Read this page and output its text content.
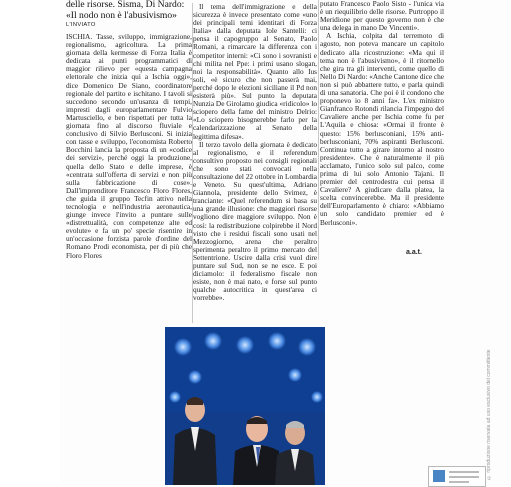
delle risorse. Sisma, Di Nardo: «Il nodo non è l'abusivismo»
L'INVIATO

ISCHIA. Tasse, sviluppo, immigrazione, regionalismo, agricoltura. La prima giornata della kermesse di Forza Italia è dedicata ai punti programmatici di maggior rilievo per «questa campagna elettorale che inizia qui a Ischia oggi», dice Domenico De Siano, coordinatore regionale del partito e ischitano. I tavoli si succedono secondo un'usanza di tempi, impresti dagli europarlamentare Fulvio Martusciello, e ben rispettati per tutta la giornata fino al discorso fluviale e conclusivo di Silvio Berlusconi. Si inizia con tasse e sviluppo, l'economista Roberto Bocchini lancia la proposta di un «codice dei servizi», perché oggi la produzione, quella dello Stato e delle imprese, è «centrata sull'offerta di servizi e non più sulla fabbricazione di cose». Dall'imprenditore Francesco Floro Flores, che guida il gruppo Tecfin attivo nella tecnologia e nell'industria aeronautica, giunge invece l'invito a puntare sulle «distrettualità, con competenze alte ed evolute» e fa un po' specie risentire in un'occasione forzista parole d'ordine del Romano Prodi economista, per di più che Floro Flores

Il tema dell'immigrazione e della sicurezza è invece presentato come «uno dei principali temi identitari di Forza Italia» dalla deputata Iole Santelli: ci pensa il capogruppo al Senato, Paolo Romani, a rimarcare la differenza con i competitor interni: «Ci sono i sovranisti e chi milita nel Ppe: i primi usano slogan, noi la responsabilità». Quanto allo Ius soli, «è sicuro che non passerà mai, perché dopo le elezioni siciliane il Pd non esisterà più». Sul punto la deputata Nunzia De Girolamo giudica «ridicolo» lo sciopero della fame del ministro Delrio: «Lo sciopero bisognerebbe farlo per la calendarizzazione al Senato della legittima difesa».

Il terzo tavolo della giornata è dedicato al regionalismo, e il referendum consultivo proposto nei consigli regionali che sono stati convocati nella consultazione del 22 ottobre in Lombardia e Veneto. Su quest'ultima, Adriano Giannola, presidente dello Svimez, è tranciante: «Quel referendum si basa su una grande illusione: che maggiori risorse vogliono dire maggiore sviluppo. Non è così: la redistribuzione colpirebbe il Nord visto che i residui fiscali sono usati nel Mezzogiorno, arena che peraltro sperimenta peraltro il primo mercato del Settentrione. Uscire dalla crisi vuol dire puntare sul Sud, non se ne esce. E poi diciamolo: il federalismo fiscale non esiste, non è mai nato, e forse sul punto qualche autocritica in quest'area ci vorrebbe».

putato Francesco Paolo Sisto - l'unica via è un riequilibrio delle risorse. Purtroppo il Meridione per questo governo non è che una delega in mano De Vincenti».

A Ischia, colpita dal terremoto di agosto, non poteva mancare un capitolo dedicato alla ricostruzione: «Ma qui il tema non è l'abusivismo», è il ritornello che gira tra gli interventi, come quello di Nello Di Nardo: «Anche Cantone dice che non si può abbattere tutto, e parla quindi di una sanatoria. Che poi è il condono che proponevo io 8 anni fa». L'ex ministro Gianfranco Rotondi rilancia l'impegno del Cavaliere anche per Ischia come fu per L'Aquila e chiosa: «Ormai il fronte è questo: 15% berlusconiani, 15% anti-berlusconiani, 70% aspiranti Berlusconi. Continua tutto a girare intorno al nostro presidente». Che è naturalmente il più acclamato, l'unico solo sul palco, come prima di lui solo Antonio Tajani. Il premier del centrodestra cui pensa il Cavaliere? A giudicare dalla platea, la scelta convincerebbe. Ma il presidente dell'Europarlamento è chiaro: «Abbiamo un solo candidato premier ed è Berlusconi».

a.a.t.
© riproduzione riservata ad uso esclusivo del committente
